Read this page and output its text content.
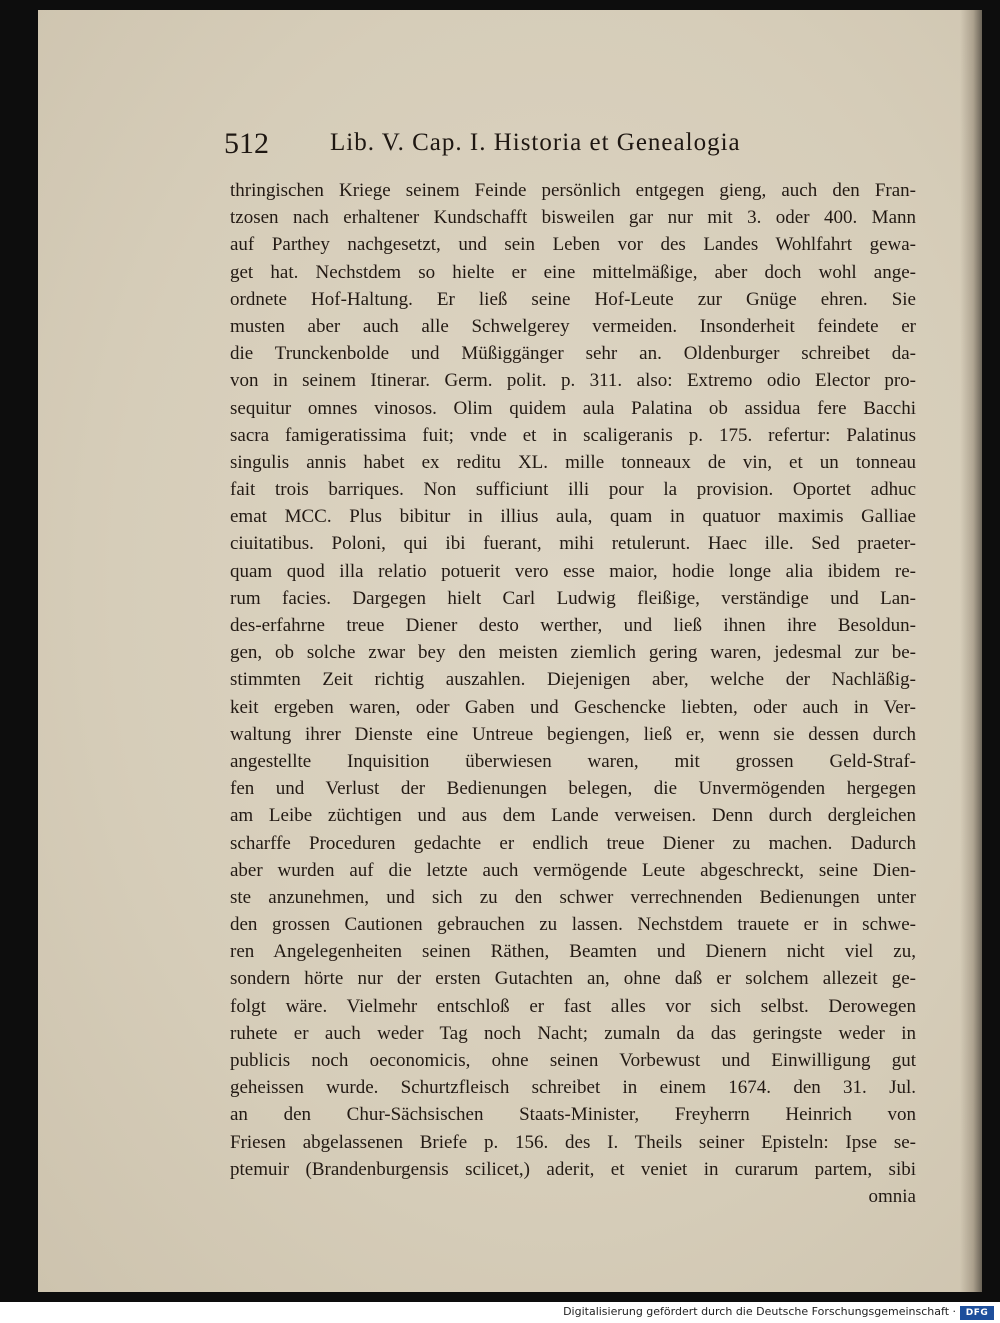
512 Lib. V. Cap. I. Historia et Genealogia
thringischen Kriege seinem Feinde persönlich entgegen gieng, auch den Fran-
tzosen nach erhaltener Kundschafft bisweilen gar nur mit 3. oder 400. Mann
auf Parthey nachgesetzt, und sein Leben vor des Landes Wohlfahrt gewa-
get hat. Nechstdem so hielte er eine mittelmäßige, aber doch wohl ange-
ordnete Hof-Haltung. Er ließ seine Hof-Leute zur Gnüge ehren. Sie
musten aber auch alle Schwelgerey vermeiden. Insonderheit feindete er
die Trunckenbolde und Müßiggänger sehr an. Oldenburger schreibet da-
von in seinem Itinerar. Germ. polit. p. 311. also: Extremo odio Elector pro-
sequitur omnes vinosos. Olim quidem aula Palatina ob assidua fere Bacchi
sacra famigeratissima fuit; vnde et in scaligeranis p. 175. refertur: Palatinus
singulis annis habet ex reditu XL. mille tonneaux de vin, et un tonneau
fait trois barriques. Non sufficiunt illi pour la provision. Oportet adhuc
emat MCC. Plus bibitur in illius aula, quam in quatuor maximis Galliae
ciuitatibus. Poloni, qui ibi fuerant, mihi retulerunt. Haec ille. Sed praeter-
quam quod illa relatio potuerit vero esse maior, hodie longe alia ibidem re-
rum facies. Dargegen hielt Carl Ludwig fleißige, verständige und Lan-
des-erfahrne treue Diener desto werther, und ließ ihnen ihre Besoldun-
gen, ob solche zwar bey den meisten ziemlich gering waren, jedesmal zur be-
stimmten Zeit richtig auszahlen. Diejenigen aber, welche der Nachläßig-
keit ergeben waren, oder Gaben und Geschencke liebten, oder auch in Ver-
waltung ihrer Dienste eine Untreue begiengen, ließ er, wenn sie dessen durch
angestellte Inquisition überwiesen waren, mit grossen Geld-Straf-
fen und Verlust der Bedienungen belegen, die Unvermögenden hergegen
am Leibe züchtigen und aus dem Lande verweisen. Denn durch dergleichen
scharffe Proceduren gedachte er endlich treue Diener zu machen. Dadurch
aber wurden auf die letzte auch vermögende Leute abgeschreckt, seine Dien-
ste anzunehmen, und sich zu den schwer verrechnenden Bedienungen unter
den grossen Cautionen gebrauchen zu lassen. Nechstdem trauete er in schwe-
ren Angelegenheiten seinen Räthen, Beamten und Dienern nicht viel zu,
sondern hörte nur der ersten Gutachten an, ohne daß er solchem allezeit ge-
folgt wäre. Vielmehr entschloß er fast alles vor sich selbst. Derowegen
ruhete er auch weder Tag noch Nacht; zumaln da das geringste weder in
publicis noch oeconomicis, ohne seinen Vorbewust und Einwilligung gut
geheissen wurde. Schurtzfleisch schreibet in einem 1674. den 31. Jul.
an den Chur-Sächsischen Staats-Minister, Freyherrn Heinrich von
Friesen abgelassenen Briefe p. 156. des I. Theils seiner Episteln: Ipse se-
ptemuir (Brandenburgensis scilicet,) aderit, et veniet in curarum partem, sibi
omnia
Digitalisierung gefördert durch die Deutsche Forschungsgemeinschaft ·	DFG
